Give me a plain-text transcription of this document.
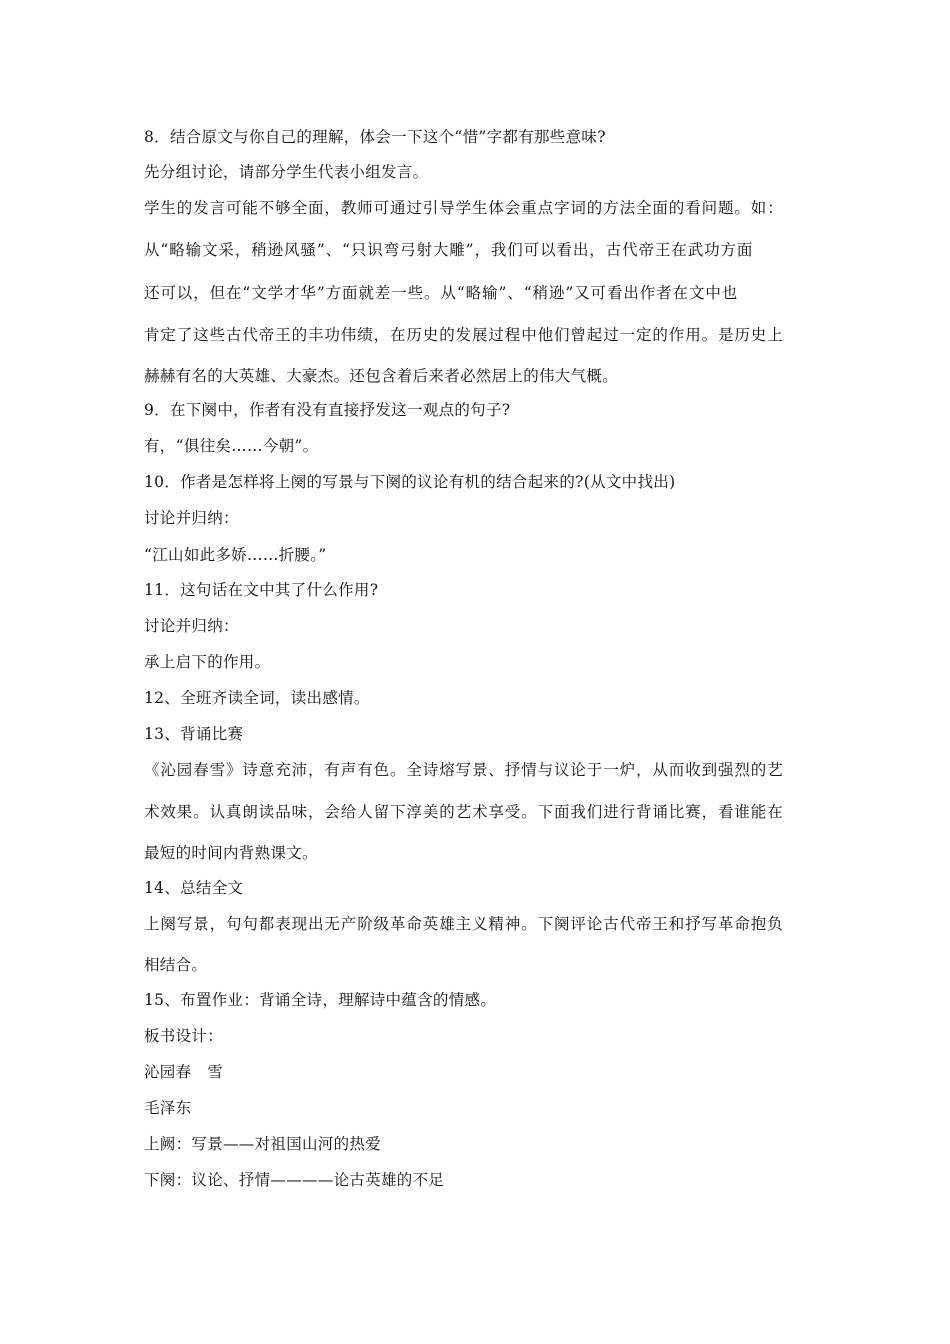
8．结合原文与你自己的理解，体会一下这个“惜”字都有那些意味?
先分组讨论，请部分学生代表小组发言。
学生的发言可能不够全面，教师可通过引导学生体会重点字词的方法全面的看问题。如：
从“略输文采，稍逊风骚”、“只识弯弓射大雕”，我们可以看出，古代帝王在武功方面
还可以，但在“文学才华”方面就差一些。从“略输”、“稍逊”又可看出作者在文中也
肯定了这些古代帝王的丰功伟绩，在历史的发展过程中他们曾起过一定的作用。是历史上
赫赫有名的大英雄、大豪杰。还包含着后来者必然居上的伟大气概。
9．在下阕中，作者有没有直接抒发这一观点的句子?
有，“俱往矣……今朝”。
10．作者是怎样将上阕的写景与下阕的议论有机的结合起来的?(从文中找出)
讨论并归纳：
“江山如此多娇……折腰。”
11．这句话在文中其了什么作用?
讨论并归纳：
承上启下的作用。
12、全班齐读全词，读出感情。
13、背诵比赛
《沁园春雪》诗意充沛，有声有色。全诗熔写景、抒情与议论于一炉，从而收到强烈的艺
术效果。认真朗读品味，会给人留下淳美的艺术享受。下面我们进行背诵比赛，看谁能在
最短的时间内背熟课文。
14、总结全文
上阕写景，句句都表现出无产阶级革命英雄主义精神。下阕评论古代帝王和抒写革命抱负
相结合。
15、布置作业：背诵全诗，理解诗中蕴含的情感。
板书设计：
沁园春　雪
毛泽东
上阙：写景——对祖国山河的热爱
下阕：议论、抒情————论古英雄的不足
